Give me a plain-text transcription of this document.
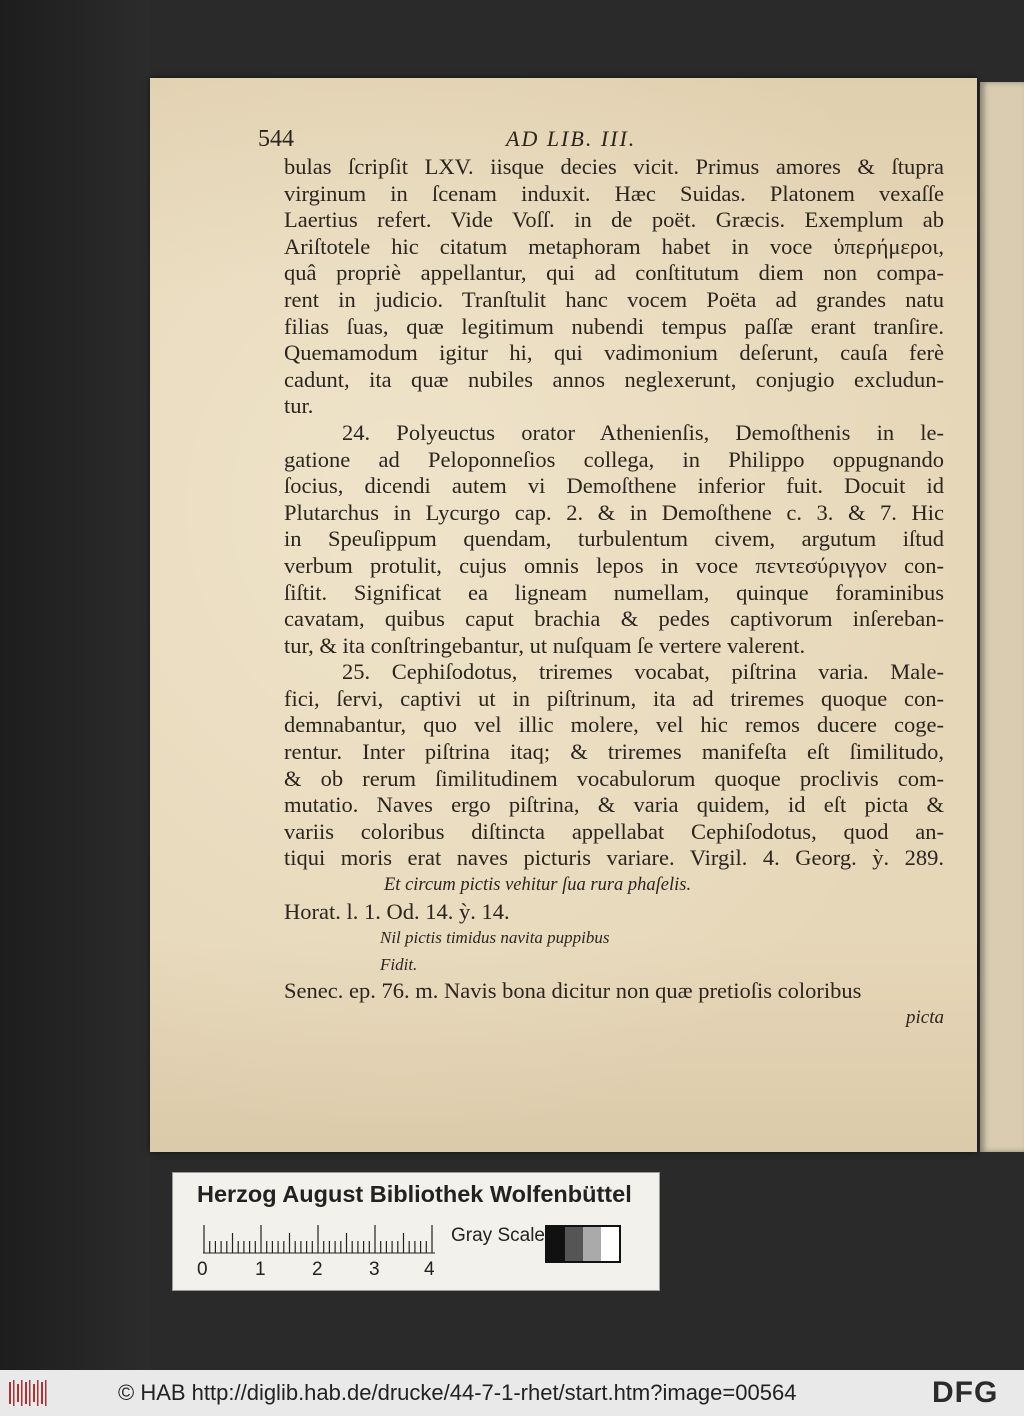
544	AD LIB. III.
bulas ſcripſit LXV. iisque decies vicit. Primus amores & ſtupra
virginum in ſcenam induxit. Hæc Suidas. Platonem vexaſſe
Laertius refert. Vide Voſſ. in de poët. Græcis. Exemplum ab
Ariſtotele hic citatum metaphoram habet in voce ὑπερήμεροι,
quâ propriè appellantur, qui ad conſtitutum diem non compa-
rent in judicio. Tranſtulit hanc vocem Poëta ad grandes natu
filias ſuas, quæ legitimum nubendi tempus paſſæ erant tranſire.
Quemamodum igitur hi, qui vadimonium deſerunt, cauſa ferè
cadunt, ita quæ nubiles annos neglexerunt, conjugio excludun-
tur.
24. Polyeuctus orator Athenienſis, Demoſthenis in le-
gatione ad Peloponneſios collega, in Philippo oppugnando
ſocius, dicendi autem vi Demoſthene inferior fuit. Docuit id
Plutarchus in Lycurgo cap. 2. & in Demoſthene c. 3. & 7. Hic
in Speuſippum quendam, turbulentum civem, argutum iſtud
verbum protulit, cujus omnis lepos in voce πεντεσύριγγον con-
ſiſtit. Significat ea ligneam numellam, quinque foraminibus
cavatam, quibus caput brachia & pedes captivorum inſereban-
tur, & ita conſtringebantur, ut nuſquam ſe vertere valerent.
25. Cephiſodotus, triremes vocabat, piſtrina varia. Male-
fici, ſervi, captivi ut in piſtrinum, ita ad triremes quoque con-
demnabantur, quo vel illic molere, vel hic remos ducere coge-
rentur. Inter piſtrina itaq; & triremes manifeſta eſt ſimilitudo,
& ob rerum ſimilitudinem vocabulorum quoque proclivis com-
mutatio. Naves ergo piſtrina, & varia quidem, id eſt picta &
variis coloribus diſtincta appellabat Cephiſodotus, quod an-
tiqui moris erat naves picturis variare. Virgil. 4. Georg. ỳ. 289.
Et circum pictis vehitur ſua rura phaſelis.
Horat. l. 1. Od. 14. ỳ. 14.
Nil pictis timidus navita puppibus
Fidit.
Senec. ep. 76. m. Navis bona dicitur non quæ pretioſis coloribus
picta
Herzog August Bibliothek Wolfenbüttel
0 1 2 3 4
Gray Scale
© HAB http://diglib.hab.de/drucke/44-7-1-rhet/start.htm?image=00564	DFG
